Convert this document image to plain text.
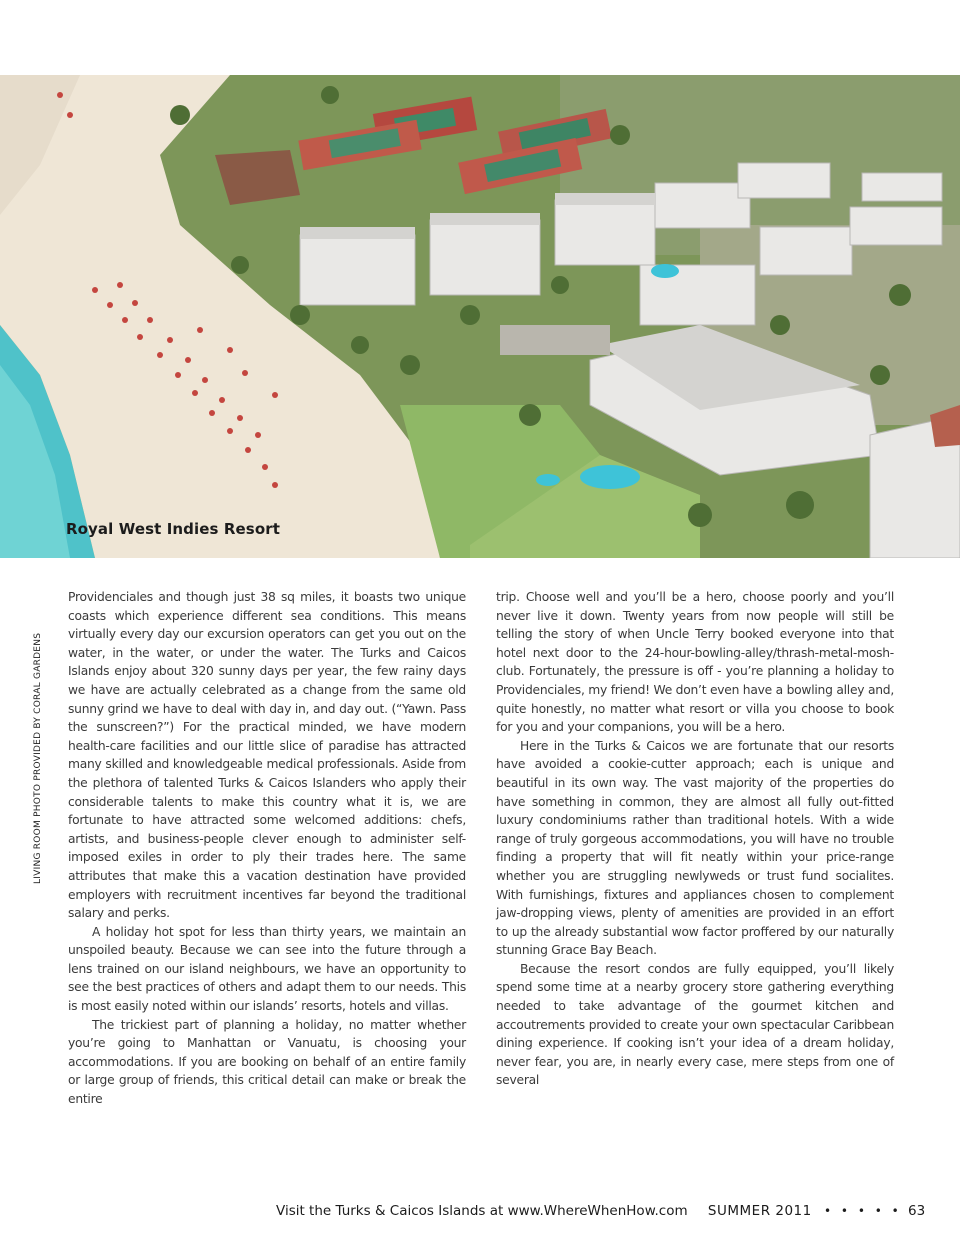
Royal West Indies Resort
LIVING ROOM PHOTO PROVIDED BY CORAL GARDENS

Providenciales and though just 38 sq miles, it boasts two unique coasts which experience different sea conditions. This means virtually every day our excursion operators can get you out on the water, in the water, or under the water. The Turks and Caicos Islands enjoy about 320 sunny days per year, the few rainy days we have are actually celebrated as a change from the same old sunny grind we have to deal with day in, and day out. (“Yawn. Pass the sunscreen?”) For the practical minded, we have modern health-care facilities and our little slice of paradise has attracted many skilled and knowledgeable medical professionals. Aside from the plethora of talented Turks & Caicos Islanders who apply their considerable talents to make this country what it is, we are fortunate to have attracted some welcomed additions: chefs, artists, and business-people clever enough to administer self-imposed exiles in order to ply their trades here. The same attributes that make this a vacation destination have provided employers with recruitment incentives far beyond the traditional salary and perks.

A holiday hot spot for less than thirty years, we maintain an unspoiled beauty. Because we can see into the future through a lens trained on our island neighbours, we have an opportunity to see the best practices of others and adapt them to our needs. This is most easily noted within our islands’ resorts, hotels and villas.

The trickiest part of planning a holiday, no matter whether you’re going to Manhattan or Vanuatu, is choosing your accommodations. If you are booking on behalf of an entire family or large group of friends, this critical detail can make or break the entire

trip. Choose well and you’ll be a hero, choose poorly and you’ll never live it down. Twenty years from now people will still be telling the story of when Uncle Terry booked everyone into that hotel next door to the 24-hour-bowling-alley/thrash-metal-mosh-club. Fortunately, the pressure is off - you’re planning a holiday to Providenciales, my friend! We don’t even have a bowling alley and, quite honestly, no matter what resort or villa you choose to book for you and your companions, you will be a hero.

Here in the Turks & Caicos we are fortunate that our resorts have avoided a cookie-cutter approach; each is unique and beautiful in its own way. The vast majority of the properties do have something in common, they are almost all fully out-fitted luxury condominiums rather than traditional hotels. With a wide range of truly gorgeous accommodations, you will have no trouble finding a property that will fit neatly within your price-range whether you are struggling newlyweds or trust fund socialites. With furnishings, fixtures and appliances chosen to complement jaw-dropping views, plenty of amenities are provided in an effort to up the already substantial wow factor proffered by our naturally stunning Grace Bay Beach.

Because the resort condos are fully equipped, you’ll likely spend some time at a nearby grocery store gathering everything needed to take advantage of the gourmet kitchen and accoutrements provided to create your own spectacular Caribbean dining experience. If cooking isn’t your idea of a dream holiday, never fear, you are, in nearly every case, mere steps from one of several

Visit the Turks & Caicos Islands at www.WhereWhenHow.com SUMMER 2011 • • • • • 63
